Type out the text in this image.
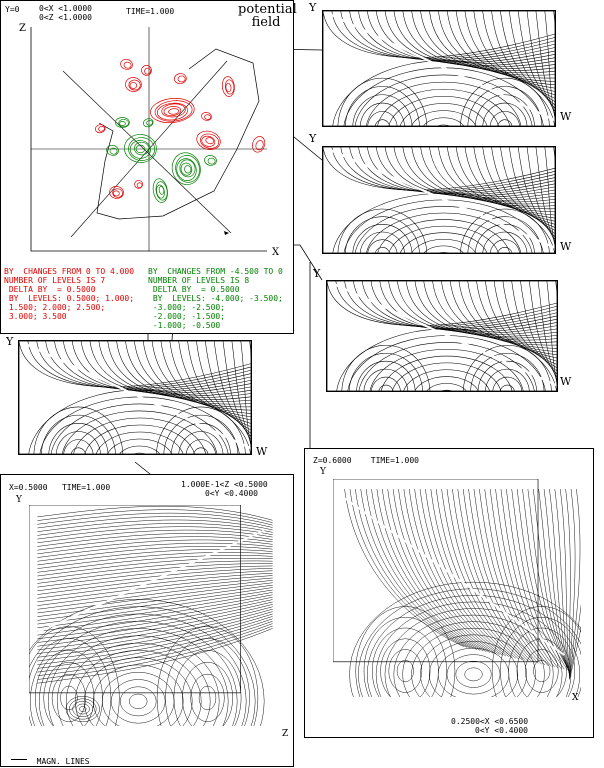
Y=0 0<X <1.0000
0<Z <1.0000
TIME=1.000	potential
field
Z
X
BY  CHANGES FROM 0 TO 4.000
NUMBER OF LEVELS IS 7
DELTA BY  = 0.5000
BY  LEVELS: 0.5000; 1.000;
1.500; 2.000; 2.500;
3.000; 3.500
BY  CHANGES FROM -4.500 TO 0
NUMBER OF LEVELS IS 8
DELTA BY  = 0.5000
BY  LEVELS: -4.000; -3.500;
-3.000; -2.500;
-2.000; -1.500;
-1.000; -0.500
Y
W
Y
W
Y
W
Y
W
X=0.5000   TIME=1.000	1.000E-1<Z <0.5000
0<Y <0.4000
Y
Z
MAGN. LINES
Z=0.6000    TIME=1.000
Y
X
0.2500<X <0.6500
0<Y <0.4000
